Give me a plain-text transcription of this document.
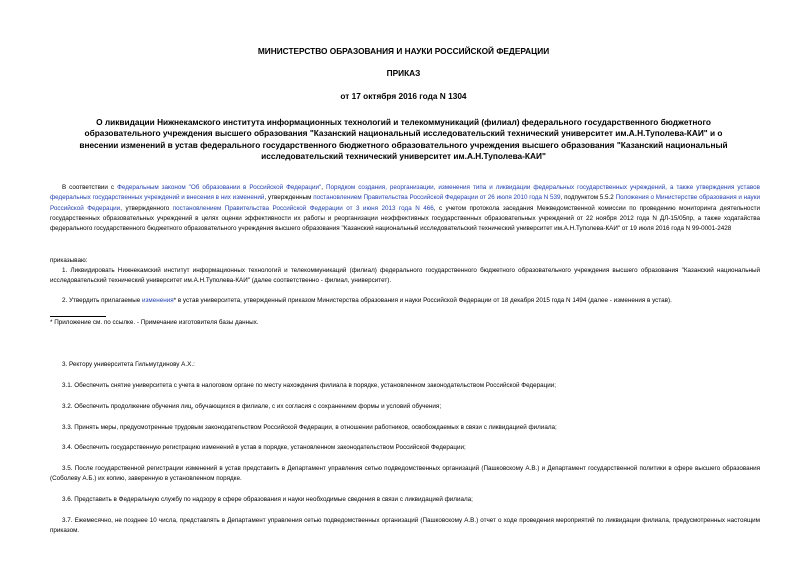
МИНИСТЕРСТВО ОБРАЗОВАНИЯ И НАУКИ РОССИЙСКОЙ ФЕДЕРАЦИИ
ПРИКАЗ
от 17 октября 2016 года N 1304
О ликвидации Нижнекамского института информационных технологий и телекоммуникаций (филиал) федерального государственного бюджетного образовательного учреждения высшего образования "Казанский национальный исследовательский технический университет им.А.Н.Туполева-КАИ" и о внесении изменений в устав федерального государственного бюджетного образовательного учреждения высшего образования "Казанский национальный исследовательский технический университет им.А.Н.Туполева-КАИ"
В соответствии с Федеральным законом "Об образовании в Российской Федерации", Порядком создания, реорганизации, изменения типа и ликвидации федеральных государственных учреждений, а также утверждения уставов федеральных государственных учреждений и внесения в них изменений, утвержденным постановлением Правительства Российской Федерации от 26 июля 2010 года N 539, подпунктом 5.5.2 Положения о Министерстве образования и науки Российской Федерации, утвержденного постановлением Правительства Российской Федерации от 3 июня 2013 года N 466, с учетом протокола заседания Межведомственной комиссии по проведению мониторинга деятельности государственных образовательных учреждений в целях оценки эффективности их работы и реорганизации неэффективных государственных образовательных учреждений от 22 ноября 2012 года N ДЛ-15/05пр, а также ходатайства федерального государственного бюджетного образовательного учреждения высшего образования "Казанский национальный исследовательский технический университет им.А.Н.Туполева-КАИ" от 19 июля 2016 года N 99-0001-2428
приказываю:
1. Ликвидировать Нижнекамский институт информационных технологий и телекоммуникаций (филиал) федерального государственного бюджетного образовательного учреждения высшего образования "Казанский национальный исследовательский технический университет им.А.Н.Туполева-КАИ" (далее соответственно - филиал, университет).
2. Утвердить прилагаемые изменения* в устав университета, утвержденный приказом Министерства образования и науки Российской Федерации от 18 декабря 2015 года N 1494 (далее - изменения в устав).
* Приложение см. по ссылке. - Примечание изготовителя базы данных.
3. Ректору университета Гильмутдинову А.Х.:
3.1. Обеспечить снятие университета с учета в налоговом органе по месту нахождения филиала в порядке, установленном законодательством Российской Федерации;
3.2. Обеспечить продолжение обучения лиц, обучающихся в филиале, с их согласия с сохранением формы и условий обучения;
3.3. Принять меры, предусмотренные трудовым законодательством Российской Федерации, в отношении работников, освобождаемых в связи с ликвидацией филиала;
3.4. Обеспечить государственную регистрацию изменений в устав в порядке, установленном законодательством Российской Федерации;
3.5. После государственной регистрации изменений в устав представить в Департамент управления сетью подведомственных организаций (Пашковскому А.В.) и Департамент государственной политики в сфере высшего образования (Соболеву А.Б.) их копию, заверенную в установленном порядке.
3.6. Представить в Федеральную службу по надзору в сфере образования и науки необходимые сведения в связи с ликвидацией филиала;
3.7. Ежемесячно, не позднее 10 числа, представлять в Департамент управления сетью подведомственных организаций (Пашковскому А.В.) отчет о ходе проведения мероприятий по ликвидации филиала, предусмотренных настоящим приказом.
